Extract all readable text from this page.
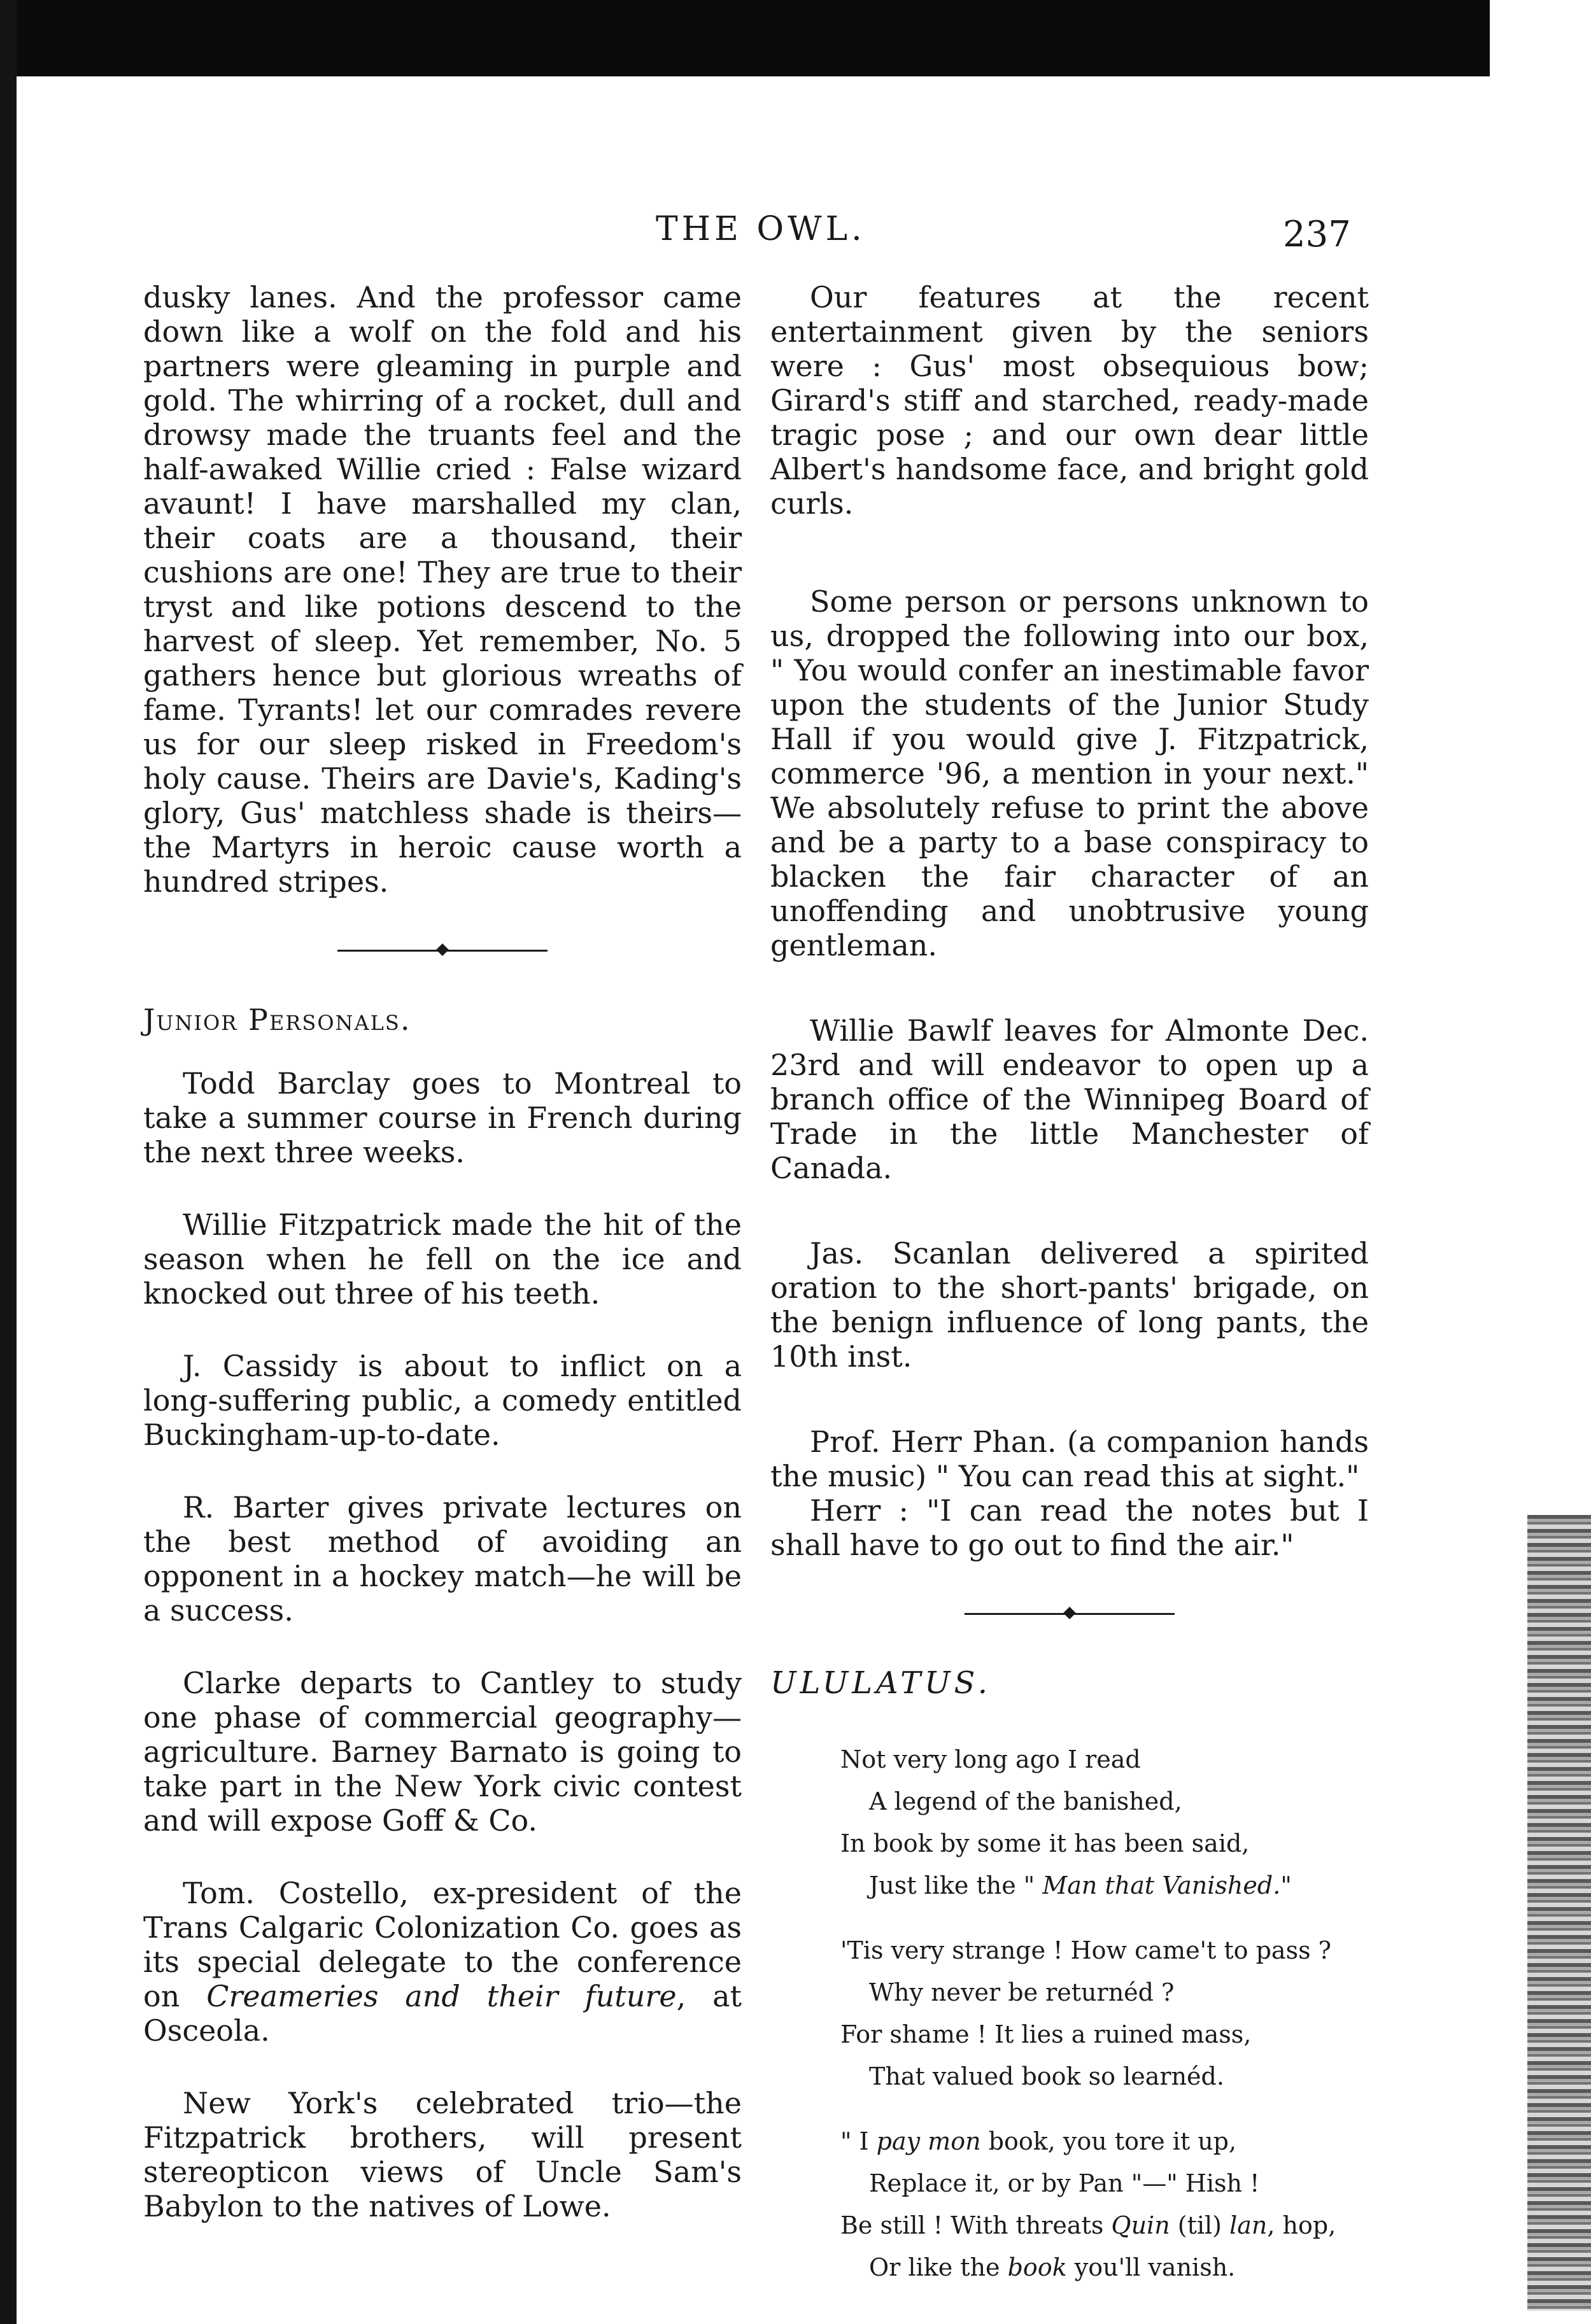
THE OWL.	237

dusky lanes. And the professor came down like a wolf on the fold and his partners were gleaming in purple and gold. The whirring of a rocket, dull and drowsy made the truants feel and the half-awaked Willie cried : False wizard avaunt! I have marshalled my clan, their coats are a thousand, their cushions are one! They are true to their tryst and like potions descend to the harvest of sleep. Yet remember, No. 5 gathers hence but glorious wreaths of fame. Tyrants! let our comrades revere us for our sleep risked in Freedom's holy cause. Theirs are Davie's, Kading's glory, Gus' matchless shade is theirs—the Martyrs in heroic cause worth a hundred stripes.

Junior Personals.

Todd Barclay goes to Montreal to take a summer course in French during the next three weeks.

Willie Fitzpatrick made the hit of the season when he fell on the ice and knocked out three of his teeth.

J. Cassidy is about to inflict on a long-suffering public, a comedy entitled Buckingham-up-to-date.

R. Barter gives private lectures on the best method of avoiding an opponent in a hockey match—he will be a success.

Clarke departs to Cantley to study one phase of commercial geography—agriculture. Barney Barnato is going to take part in the New York civic contest and will expose Goff & Co.

Tom. Costello, ex-president of the Trans Calgaric Colonization Co. goes as its special delegate to the conference on Creameries and their future, at Osceola.

New York's celebrated trio—the Fitzpatrick brothers, will present stereopticon views of Uncle Sam's Babylon to the natives of Lowe.

Our features at the recent entertainment given by the seniors were : Gus' most obsequious bow; Girard's stiff and starched, ready-made tragic pose ; and our own dear little Albert's handsome face, and bright gold curls.

Some person or persons unknown to us, dropped the following into our box, " You would confer an inestimable favor upon the students of the Junior Study Hall if you would give J. Fitzpatrick, commerce '96, a mention in your next." We absolutely refuse to print the above and be a party to a base conspiracy to blacken the fair character of an unoffending and unobtrusive young gentleman.

Willie Bawlf leaves for Almonte Dec. 23rd and will endeavor to open up a branch office of the Winnipeg Board of Trade in the little Manchester of Canada.

Jas. Scanlan delivered a spirited oration to the short-pants' brigade, on the benign influence of long pants, the 10th inst.

Prof. Herr Phan. (a companion hands the music) " You can read this at sight."

Herr : "I can read the notes but I shall have to go out to find the air."

ULULATUS.

Not very long ago I read
A legend of the banished,
In book by some it has been said,
Just like the " Man that Vanished."
'Tis very strange ! How came't to pass ?
Why never be returnéd ?
For shame ! It lies a ruined mass,
That valued book so learnéd.
" I pay mon book, you tore it up,
Replace it, or by Pan "—" Hish !
Be still ! With threats Quin (til) lan, hop,
Or like the book you'll vanish.
